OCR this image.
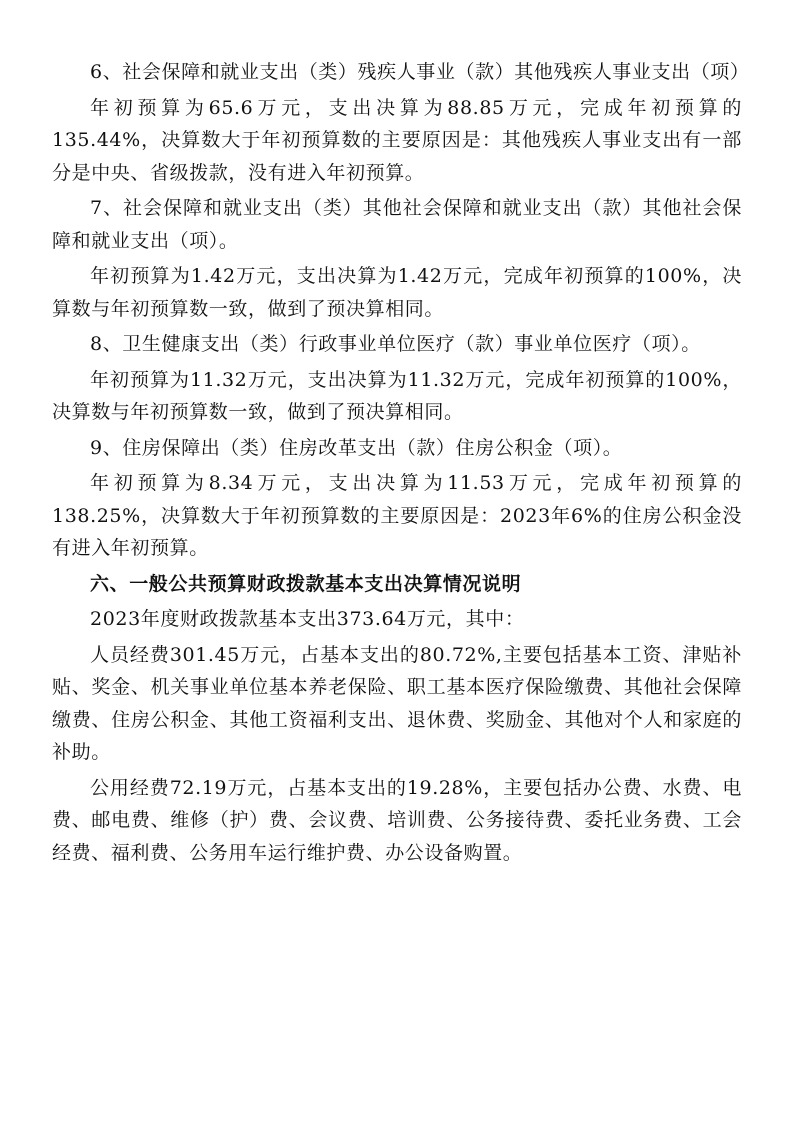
6、社会保障和就业支出（类）残疾人事业（款）其他残疾人事业支出（项）

年初预算为65.6万元，支出决算为88.85万元，完成年初预算的135.44%，决算数大于年初预算数的主要原因是：其他残疾人事业支出有一部分是中央、省级拨款，没有进入年初预算。

7、社会保障和就业支出（类）其他社会保障和就业支出（款）其他社会保障和就业支出（项）。

年初预算为1.42万元，支出决算为1.42万元，完成年初预算的100%，决算数与年初预算数一致，做到了预决算相同。

8、卫生健康支出（类）行政事业单位医疗（款）事业单位医疗（项）。

年初预算为11.32万元，支出决算为11.32万元，完成年初预算的100%，决算数与年初预算数一致，做到了预决算相同。

9、住房保障出（类）住房改革支出（款）住房公积金（项）。

年初预算为8.34万元，支出决算为11.53万元，完成年初预算的138.25%，决算数大于年初预算数的主要原因是：2023年6%的住房公积金没有进入年初预算。

六、一般公共预算财政拨款基本支出决算情况说明

2023年度财政拨款基本支出373.64万元，其中：

人员经费301.45万元，占基本支出的80.72%,主要包括基本工资、津贴补贴、奖金、机关事业单位基本养老保险、职工基本医疗保险缴费、其他社会保障缴费、住房公积金、其他工资福利支出、退休费、奖励金、其他对个人和家庭的补助。

公用经费72.19万元，占基本支出的19.28%，主要包括办公费、水费、电费、邮电费、维修（护）费、会议费、培训费、公务接待费、委托业务费、工会经费、福利费、公务用车运行维护费、办公设备购置。
